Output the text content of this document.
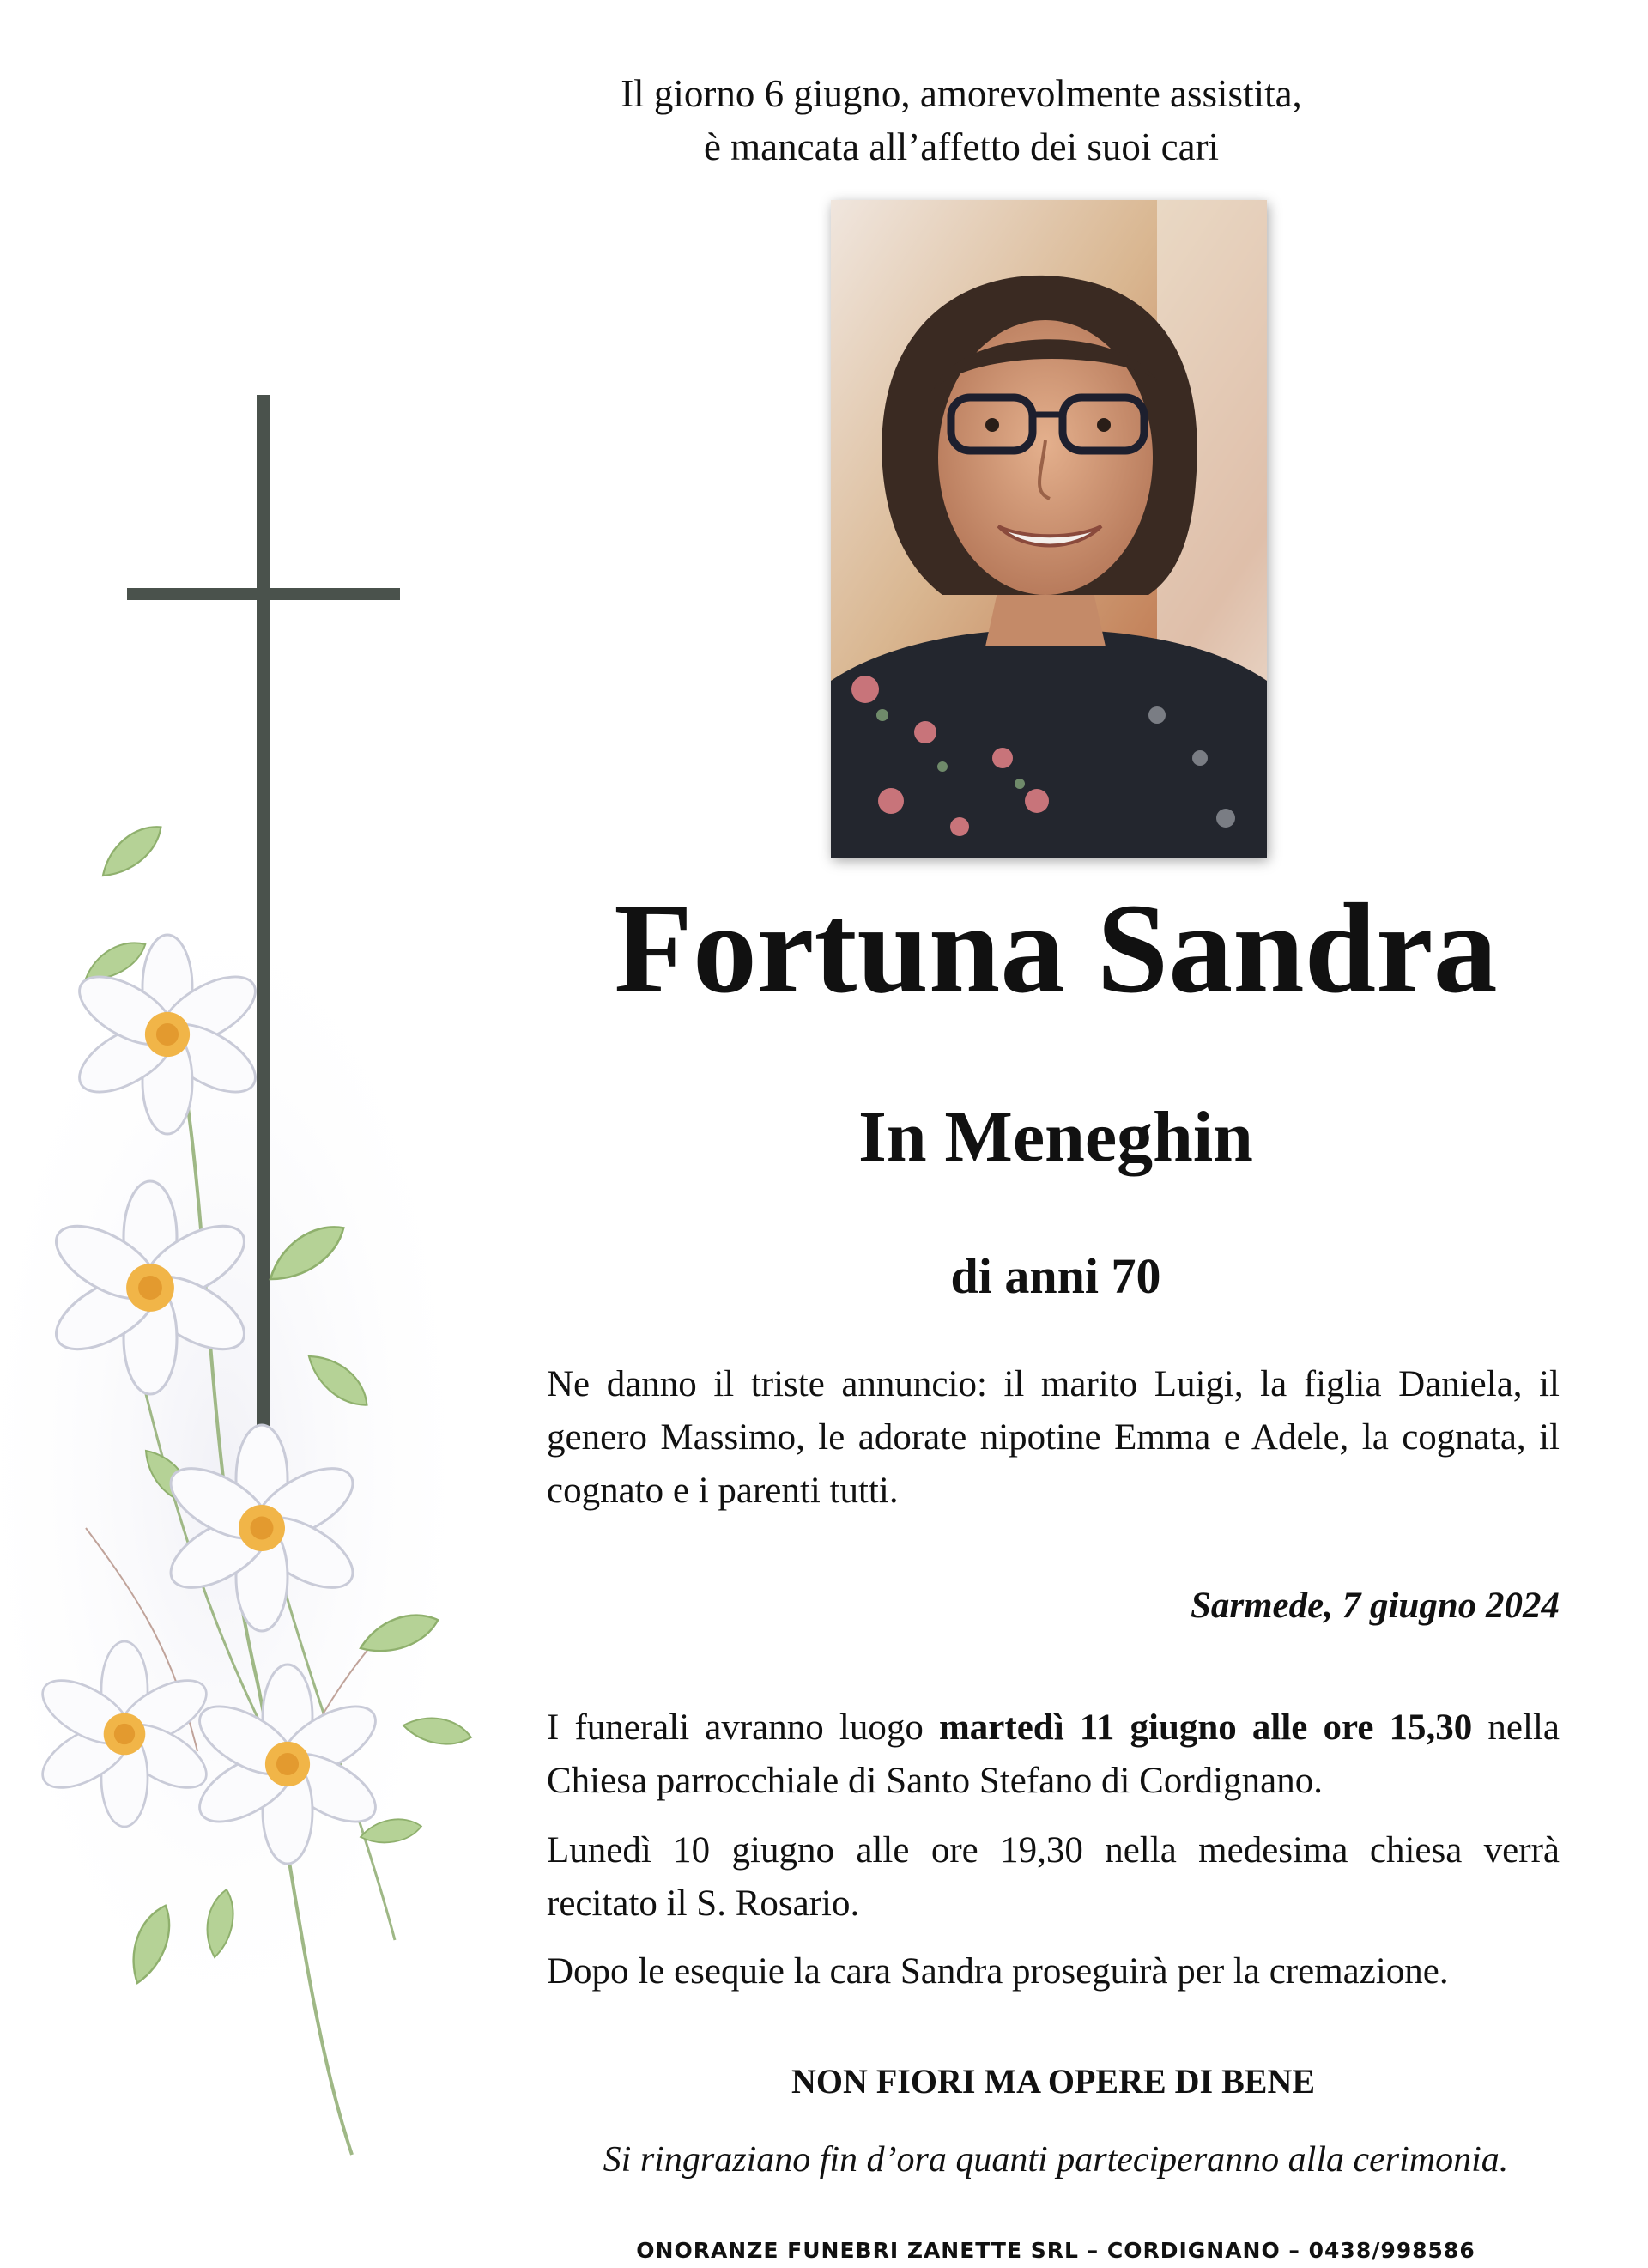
Il giorno 6 giugno, amorevolmente assistita,
è mancata all’affetto dei suoi cari
Fortuna Sandra
In Meneghin
di anni 70
Ne danno il triste annuncio: il marito Luigi, la figlia Daniela, il genero Massimo, le adorate nipotine Emma e Adele, la cognata, il cognato e i parenti tutti.
Sarmede, 7 giugno 2024
I funerali avranno luogo martedì 11 giugno alle ore 15,30 nella Chiesa parrocchiale di Santo Stefano di Cordignano.
Lunedì 10 giugno alle ore 19,30 nella medesima chiesa verrà recitato il S. Rosario.
Dopo le esequie la cara Sandra proseguirà per la cremazione.
NON FIORI MA OPERE DI BENE
Si ringraziano fin d’ora quanti parteciperanno alla cerimonia.
ONORANZE FUNEBRI ZANETTE SRL – CORDIGNANO – 0438/998586
